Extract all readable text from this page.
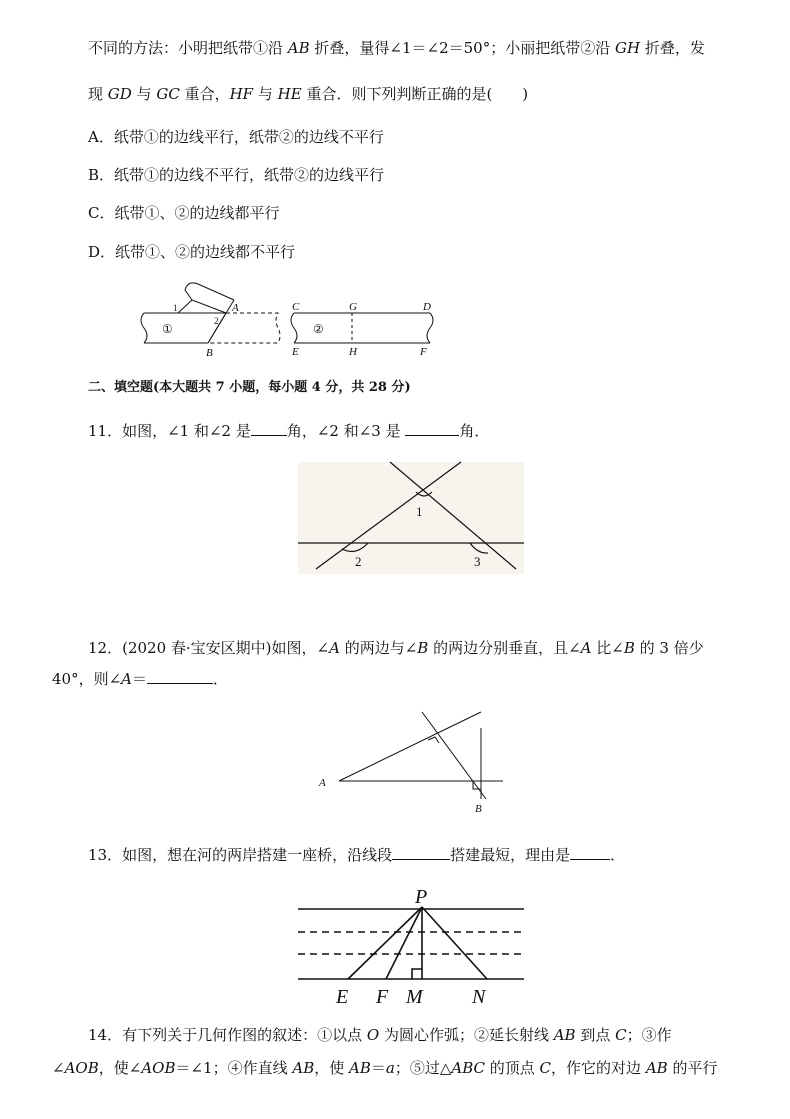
不同的方法：小明把纸带①沿 AB 折叠，量得∠1＝∠2＝50°；小丽把纸带②沿 GH 折叠，发
现 GD 与 GC 重合，HF 与 HE 重合．则下列判断正确的是(　　)
A．纸带①的边线平行，纸带②的边线不平行
B．纸带①的边线不平行，纸带②的边线平行
C．纸带①、②的边线都平行
D．纸带①、②的边线都不平行
①
A
B
1
2
②
C	G	D
E	H	F
二、填空题(本大题共 7 小题，每小题 4 分，共 28 分)
11．如图，∠1 和∠2 是 角，∠2 和∠3 是	角．
1
2	3
12．(2020 春·宝安区期中)如图，∠A 的两边与∠B 的两边分别垂直，且∠A 比∠B 的 3 倍少
40°，则∠A＝	．
A
B
13．如图，想在河的两岸搭建一座桥，沿线段	搭建最短，理由是	．
P
E F M N
14．有下列关于几何作图的叙述：①以点 O 为圆心作弧；②延长射线 AB 到点 C；③作
∠AOB，使∠AOB＝∠1；④作直线 AB，使 AB＝a；⑤过△ABC 的顶点 C，作它的对边 AB 的平行
